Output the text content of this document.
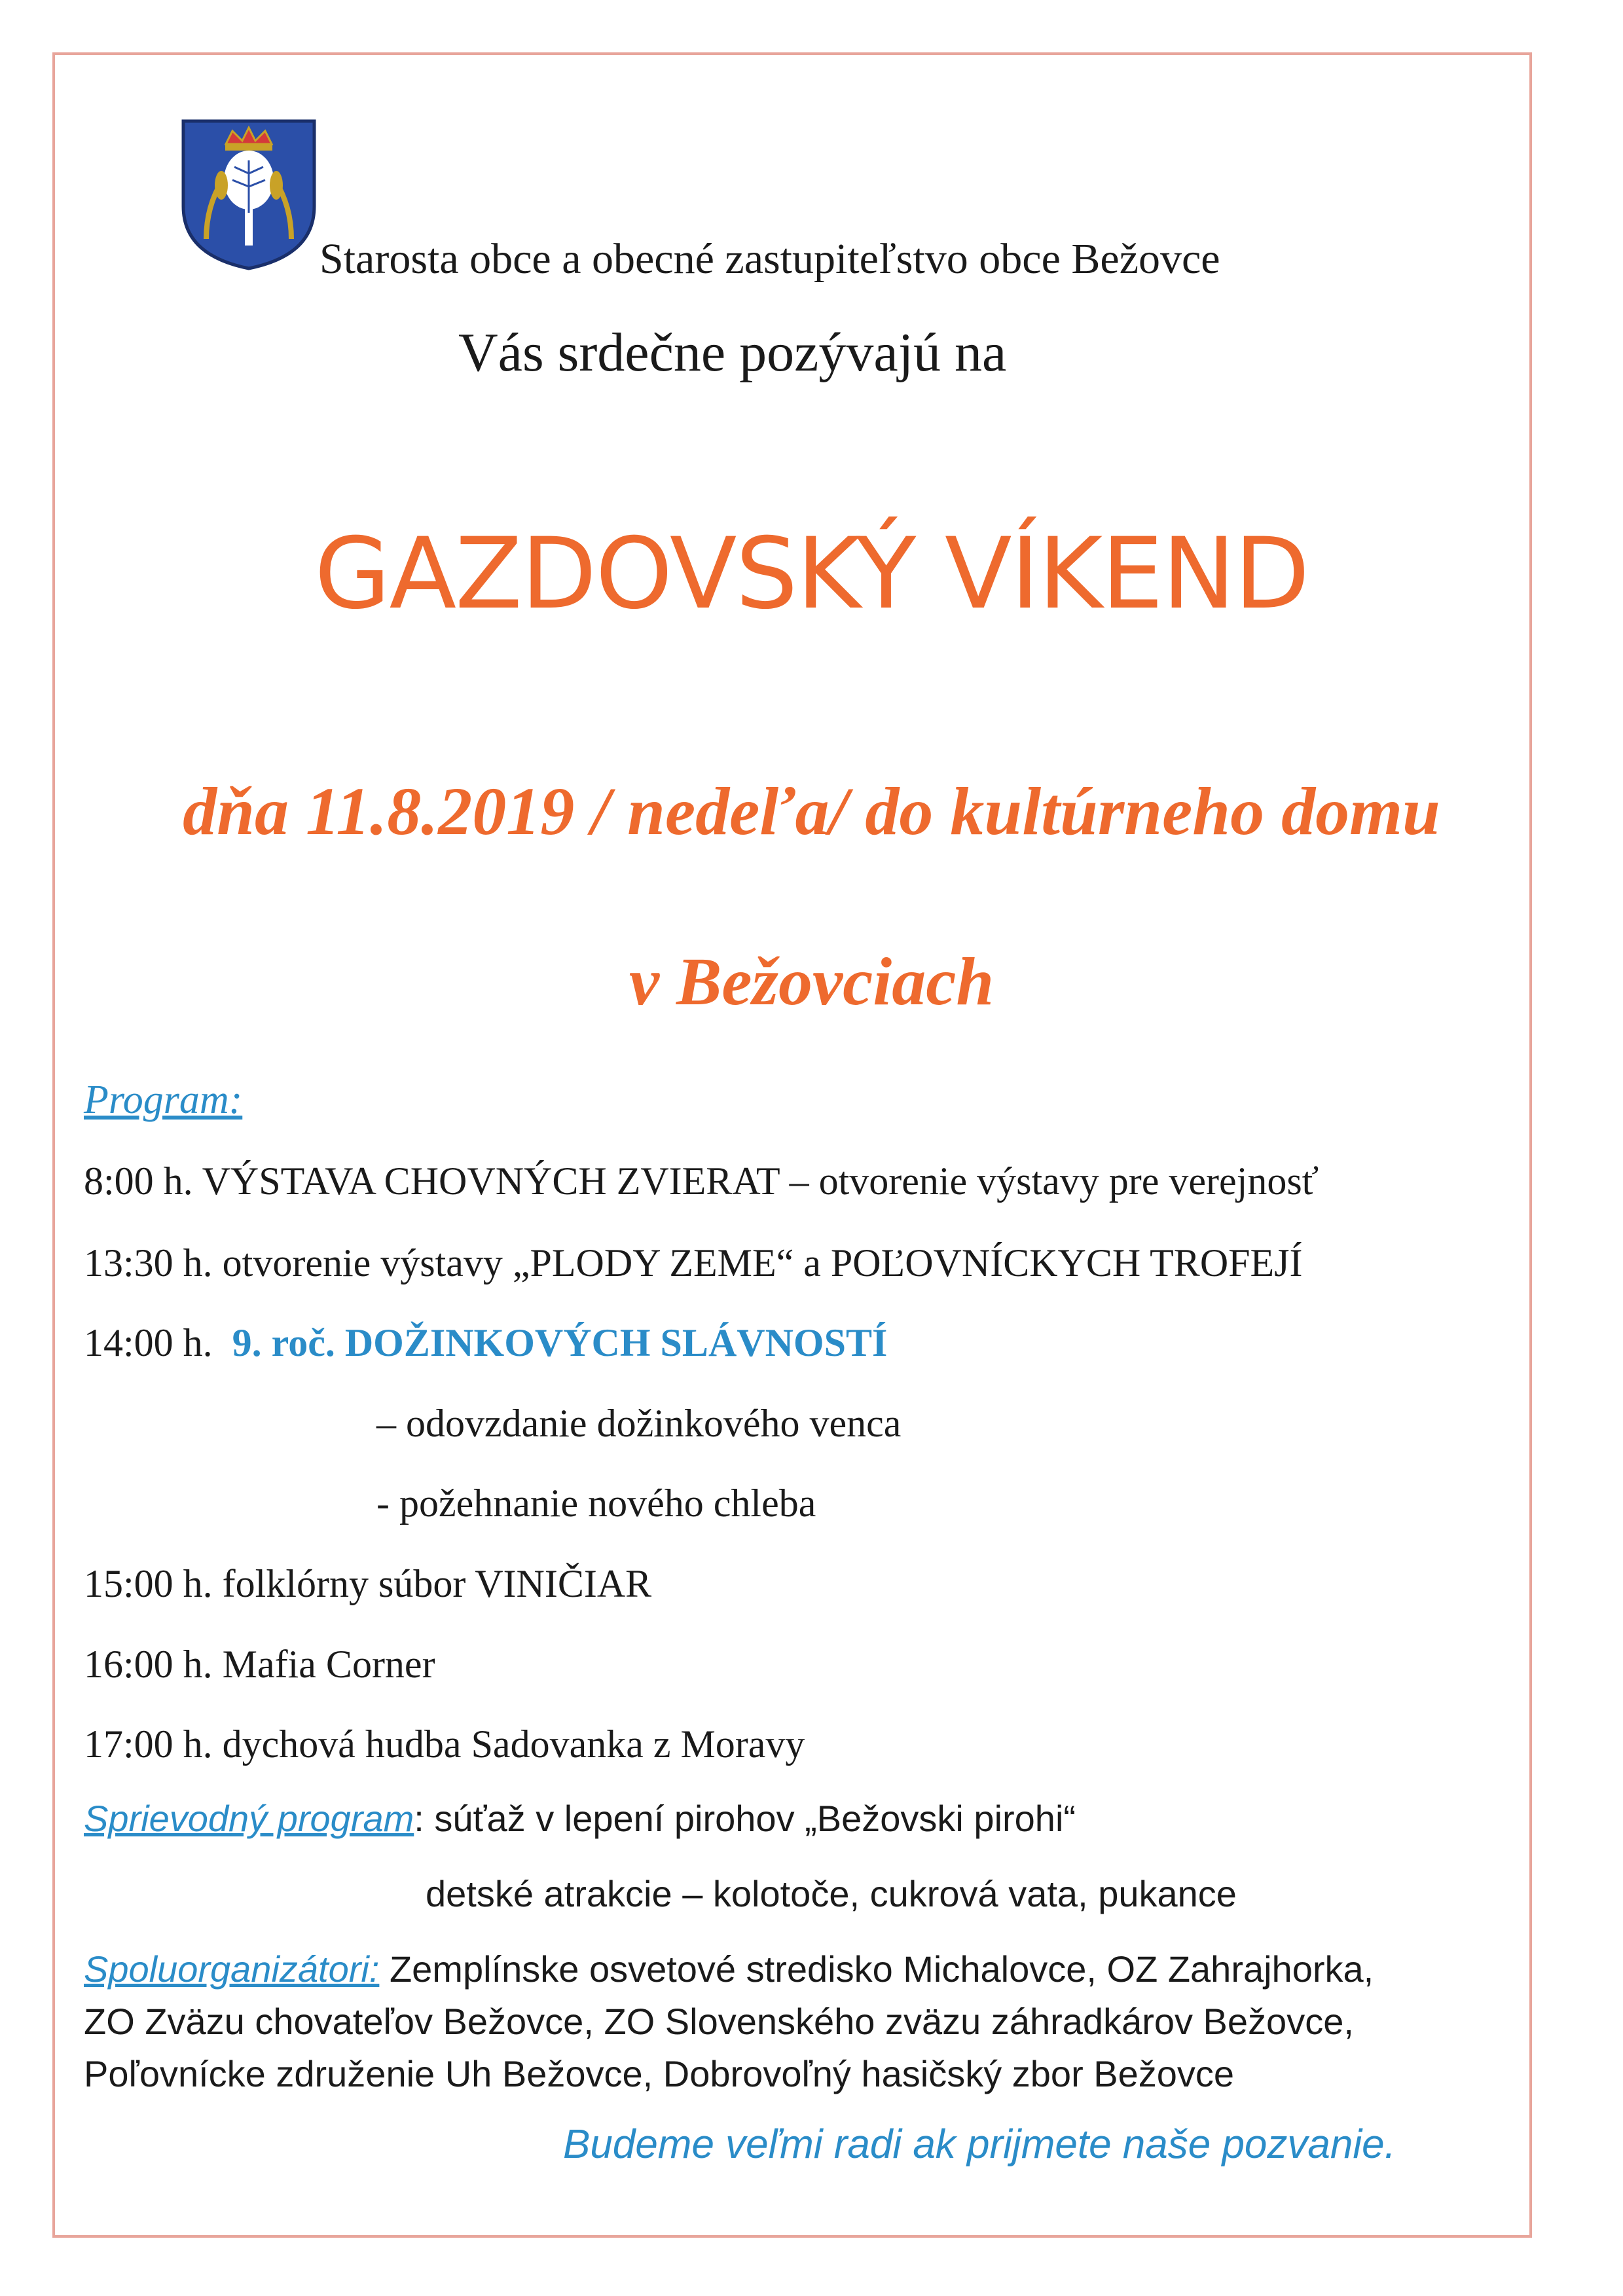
Starosta obce a obecné zastupiteľstvo obce Bežovce
Vás srdečne pozývajú na
GAZDOVSKÝ VÍKEND
dňa 11.8.2019 / nedeľa/ do kultúrneho domu
v Bežovciach
Program:
8:00 h. VÝSTAVA CHOVNÝCH ZVIERAT – otvorenie výstavy pre verejnosť
13:30 h. otvorenie výstavy „PLODY ZEME“ a POĽOVNÍCKYCH TROFEJÍ
14:00 h. 9. roč. DOŽINKOVÝCH SLÁVNOSTÍ
– odovzdanie dožinkového venca
- požehnanie nového chleba
15:00 h. folklórny súbor VINIČIAR
16:00 h. Mafia Corner
17:00 h. dychová hudba Sadovanka z Moravy
Sprievodný program: súťaž v lepení pirohov „Bežovski pirohi“
detské atrakcie – kolotoče, cukrová vata, pukance
Spoluorganizátori: Zemplínske osvetové stredisko Michalovce, OZ Zahrajhorka,
ZO Zväzu chovateľov Bežovce, ZO Slovenského zväzu záhradkárov Bežovce,
Poľovnícke združenie Uh Bežovce, Dobrovoľný hasičský zbor Bežovce
Budeme veľmi radi ak prijmete naše pozvanie.
